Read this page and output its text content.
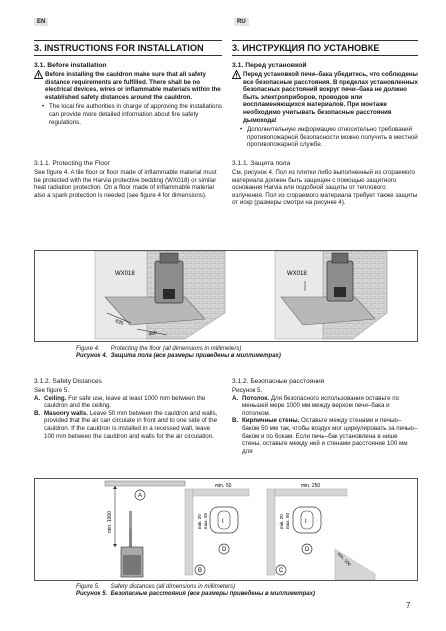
EN	RU
3. INSTRUCTIONS FOR INSTALLATION	3. ИНСТРУКЦИЯ ПО УСТАНОВКЕ
3.1. Before installation
Before installing the cauldron make sure that all safety distance requirements are fulfilled. There shall be no electrical devices, wires or inflammable materials within the established safety distances around the cauldron.
• The local fire authorities in charge of approving the installations can provide more detailed information about fire safety regulations.
3.1.1. Protecting the Floor
See figure 4. A tile floor or floor made of inflammable material must be protected with the Harvia protective bedding (WX018) or similar heat radiation protection. On a floor made of inflammable material also a spark protection is needed (see figure 4 for dimensions).
3.1. Перед установкой
Перед установкой печи–бака убедитесь, что соблюдены все безопасные расстояния. В пределах установленных безопасных расстояний вокруг печи–бака не должно быть электроприборов, проводов или воспламеняющихся материалов. При монтаже необходимо учитывать безопасные расстояния дымохода!
• Дополнительную информацию относительно требований противопожарной безопасности можно получить в местной противопожарной службе.
3.1.1. Защита пола
См. рисунок 4. Пол из плитки либо выполненный из сгораемого материала должен быть защищен с помощью защитного основания Harvia или подобной защиты от теплового излучения. Пол из сгораемого материала требует также защиты от искр (размеры смотри на рисунке 4).
WX018	WX018
635
450
Figure 4. Protecting the floor (all dimensions in millimeters)
Рисунок 4. Защита пола (все размеры приведены в миллиметрах)
3.1.2. Safety Distances
See figure 5.
A. Ceiling. For safe use, leave at least 1000 mm between the cauldron and the ceiling.
B. Masonry walls. Leave 50 mm between the cauldron and walls, provided that the air can circulate in front and to one side of the cauldron. If the cauldron is installed in a recessed wall, leave 100 mm between the cauldron and walls for the air circulation.
3.1.2. Безопасные расстояния
Рисунок 5.
A. Потолок. Для безопасного использования оставьте по меньшей мере 1000 мм между верхом печи–бака и потолком.
B. Кирпичные стены. Оставьте между стенами и печью–баком 50 мм так, чтобы воздух мог циркулировать за печью–баком и по бокам. Если печь–бак установлена в нише стены, оставьте между ней и стенами расстояние 100 мм для
min. 1000
A
min. 50
min. 20 max. 50 I
D
B
min. 250
min. 20 max. 50	I
D
C
min. 100
Figure 5. Safety distances (all dimensions in millimeters)
Рисунок 5. Безопасные расстояния (все размеры приведены в миллиметрах)
7
